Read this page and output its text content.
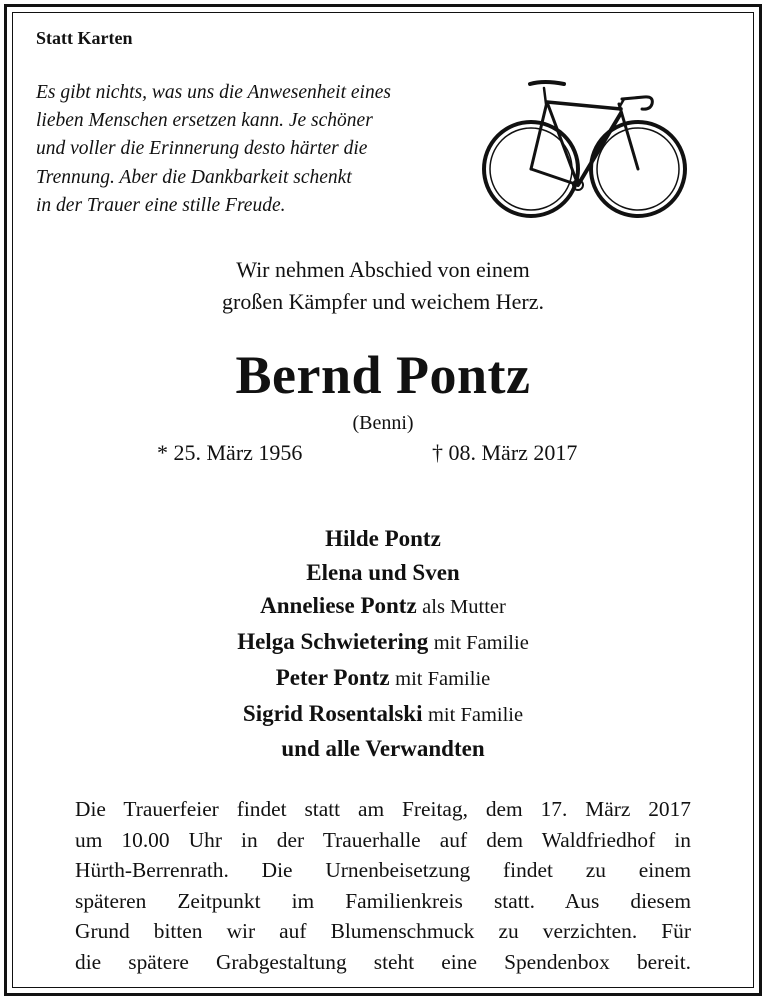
Statt Karten
Es gibt nichts, was uns die Anwesenheit eines
lieben Menschen ersetzen kann. Je schöner
und voller die Erinnerung desto härter die
Trennung. Aber die Dankbarkeit schenkt
in der Trauer eine stille Freude.
Wir nehmen Abschied von einem
großen Kämpfer und weichem Herz.
Bernd Pontz
(Benni)
* 25. März 1956	† 08. März 2017
Hilde Pontz
Elena und Sven
Anneliese Pontz als Mutter
Helga Schwietering mit Familie
Peter Pontz mit Familie
Sigrid Rosentalski mit Familie
und alle Verwandten
Die Trauerfeier findet statt am Freitag, dem 17. März 2017
um 10.00 Uhr in der Trauerhalle auf dem Waldfriedhof in
Hürth-Berrenrath. Die Urnenbeisetzung findet zu einem
späteren Zeitpunkt im Familienkreis statt. Aus diesem
Grund bitten wir auf Blumenschmuck zu verzichten. Für
die spätere Grabgestaltung steht eine Spendenbox bereit.
